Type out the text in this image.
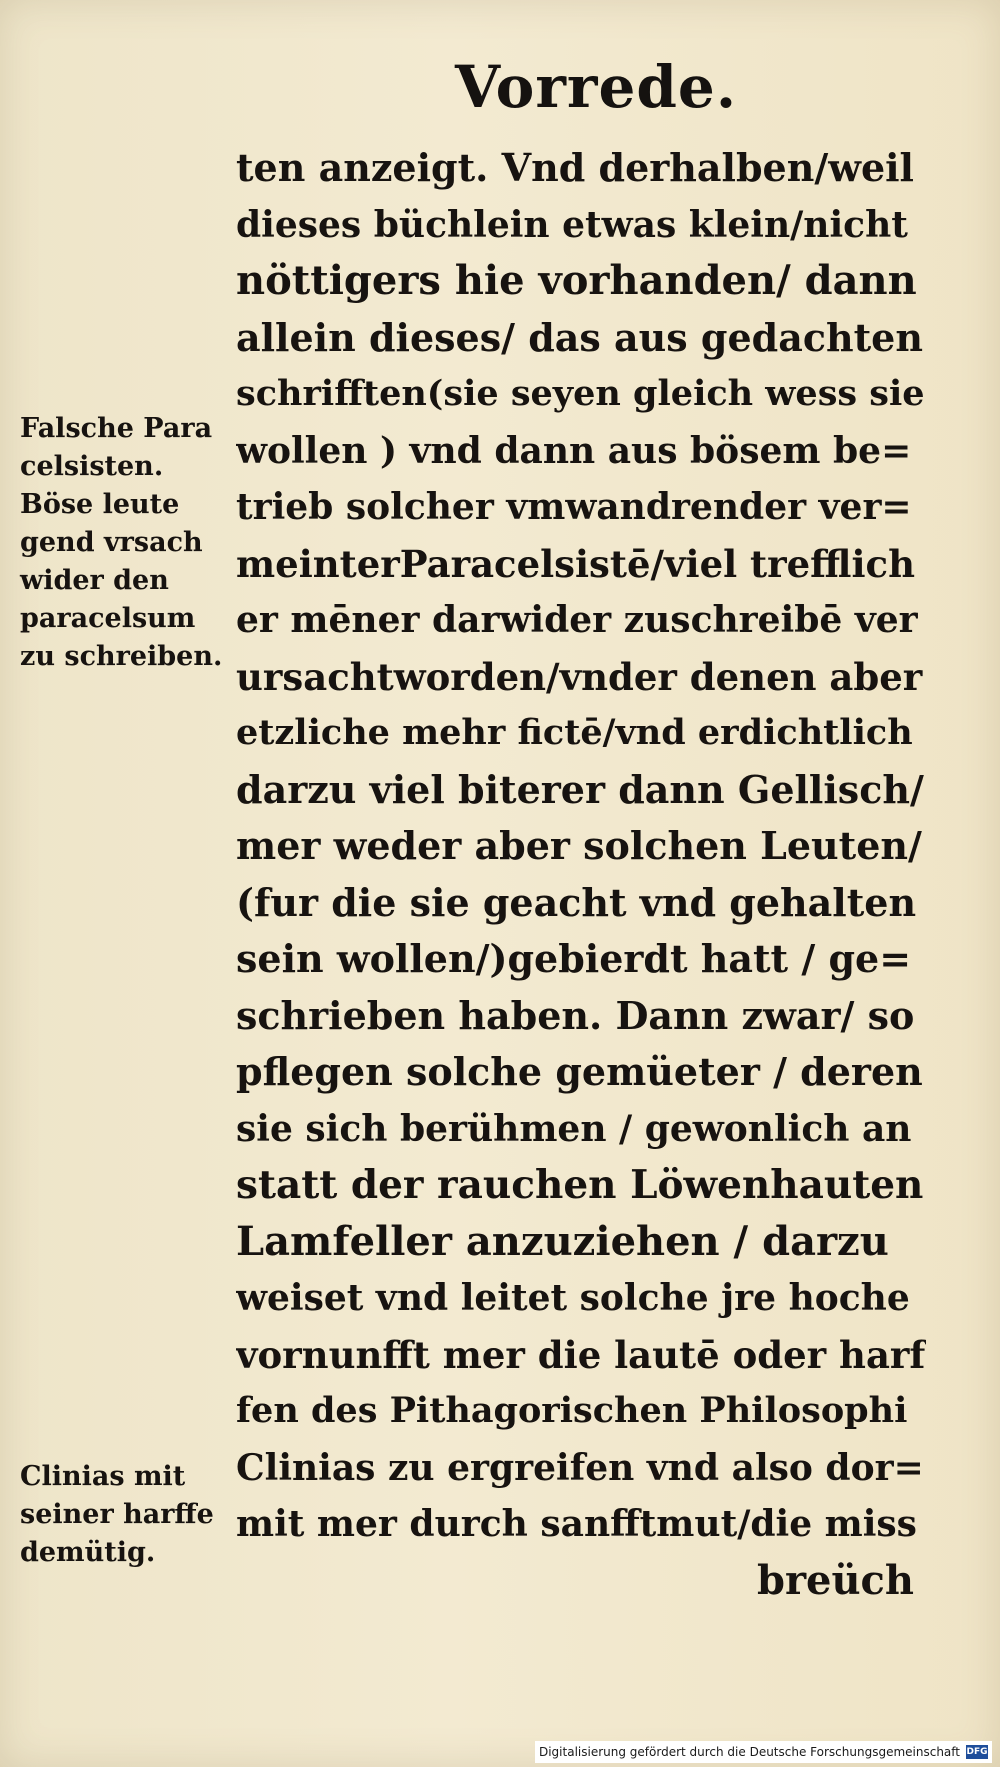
Vorrede.
Falsche Para
celsisten.
Böse leute
gend vrsach
wider den
paracelsum
zu schreiben.
Clinias mit
seiner harffe
demütig.
ten anzeigt. Vnd derhalben/weil
dieses büchlein etwas klein/nicht
nöttigers hie vorhanden/ dann
allein dieses/ das aus gedachten
schrifften(sie seyen gleich wess sie
wollen ) vnd dann aus bösem be=
trieb solcher vmwandrender ver=
meinterParacelsistē/viel trefflich
er mēner darwider zuschreibē ver
ursachtworden/vnder denen aber
etzliche mehr fictē/vnd erdichtlich
darzu viel biterer dann Gellisch/
mer weder aber solchen Leuten/
(fur die sie geacht vnd gehalten
sein wollen/)gebierdt hatt / ge=
schrieben haben. Dann zwar/ so
pflegen solche gemüeter / deren
sie sich berühmen / gewonlich an
statt der rauchen Löwenhauten
Lamfeller anzuziehen / darzu
weiset vnd leitet solche jre hoche
vornunfft mer die lautē oder harf
fen des Pithagorischen Philosophi
Clinias zu ergreifen vnd also dor=
mit mer durch sanfftmut/die miss
breüch
Digitalisierung gefördert durch die Deutsche Forschungsgemeinschaft DFG
